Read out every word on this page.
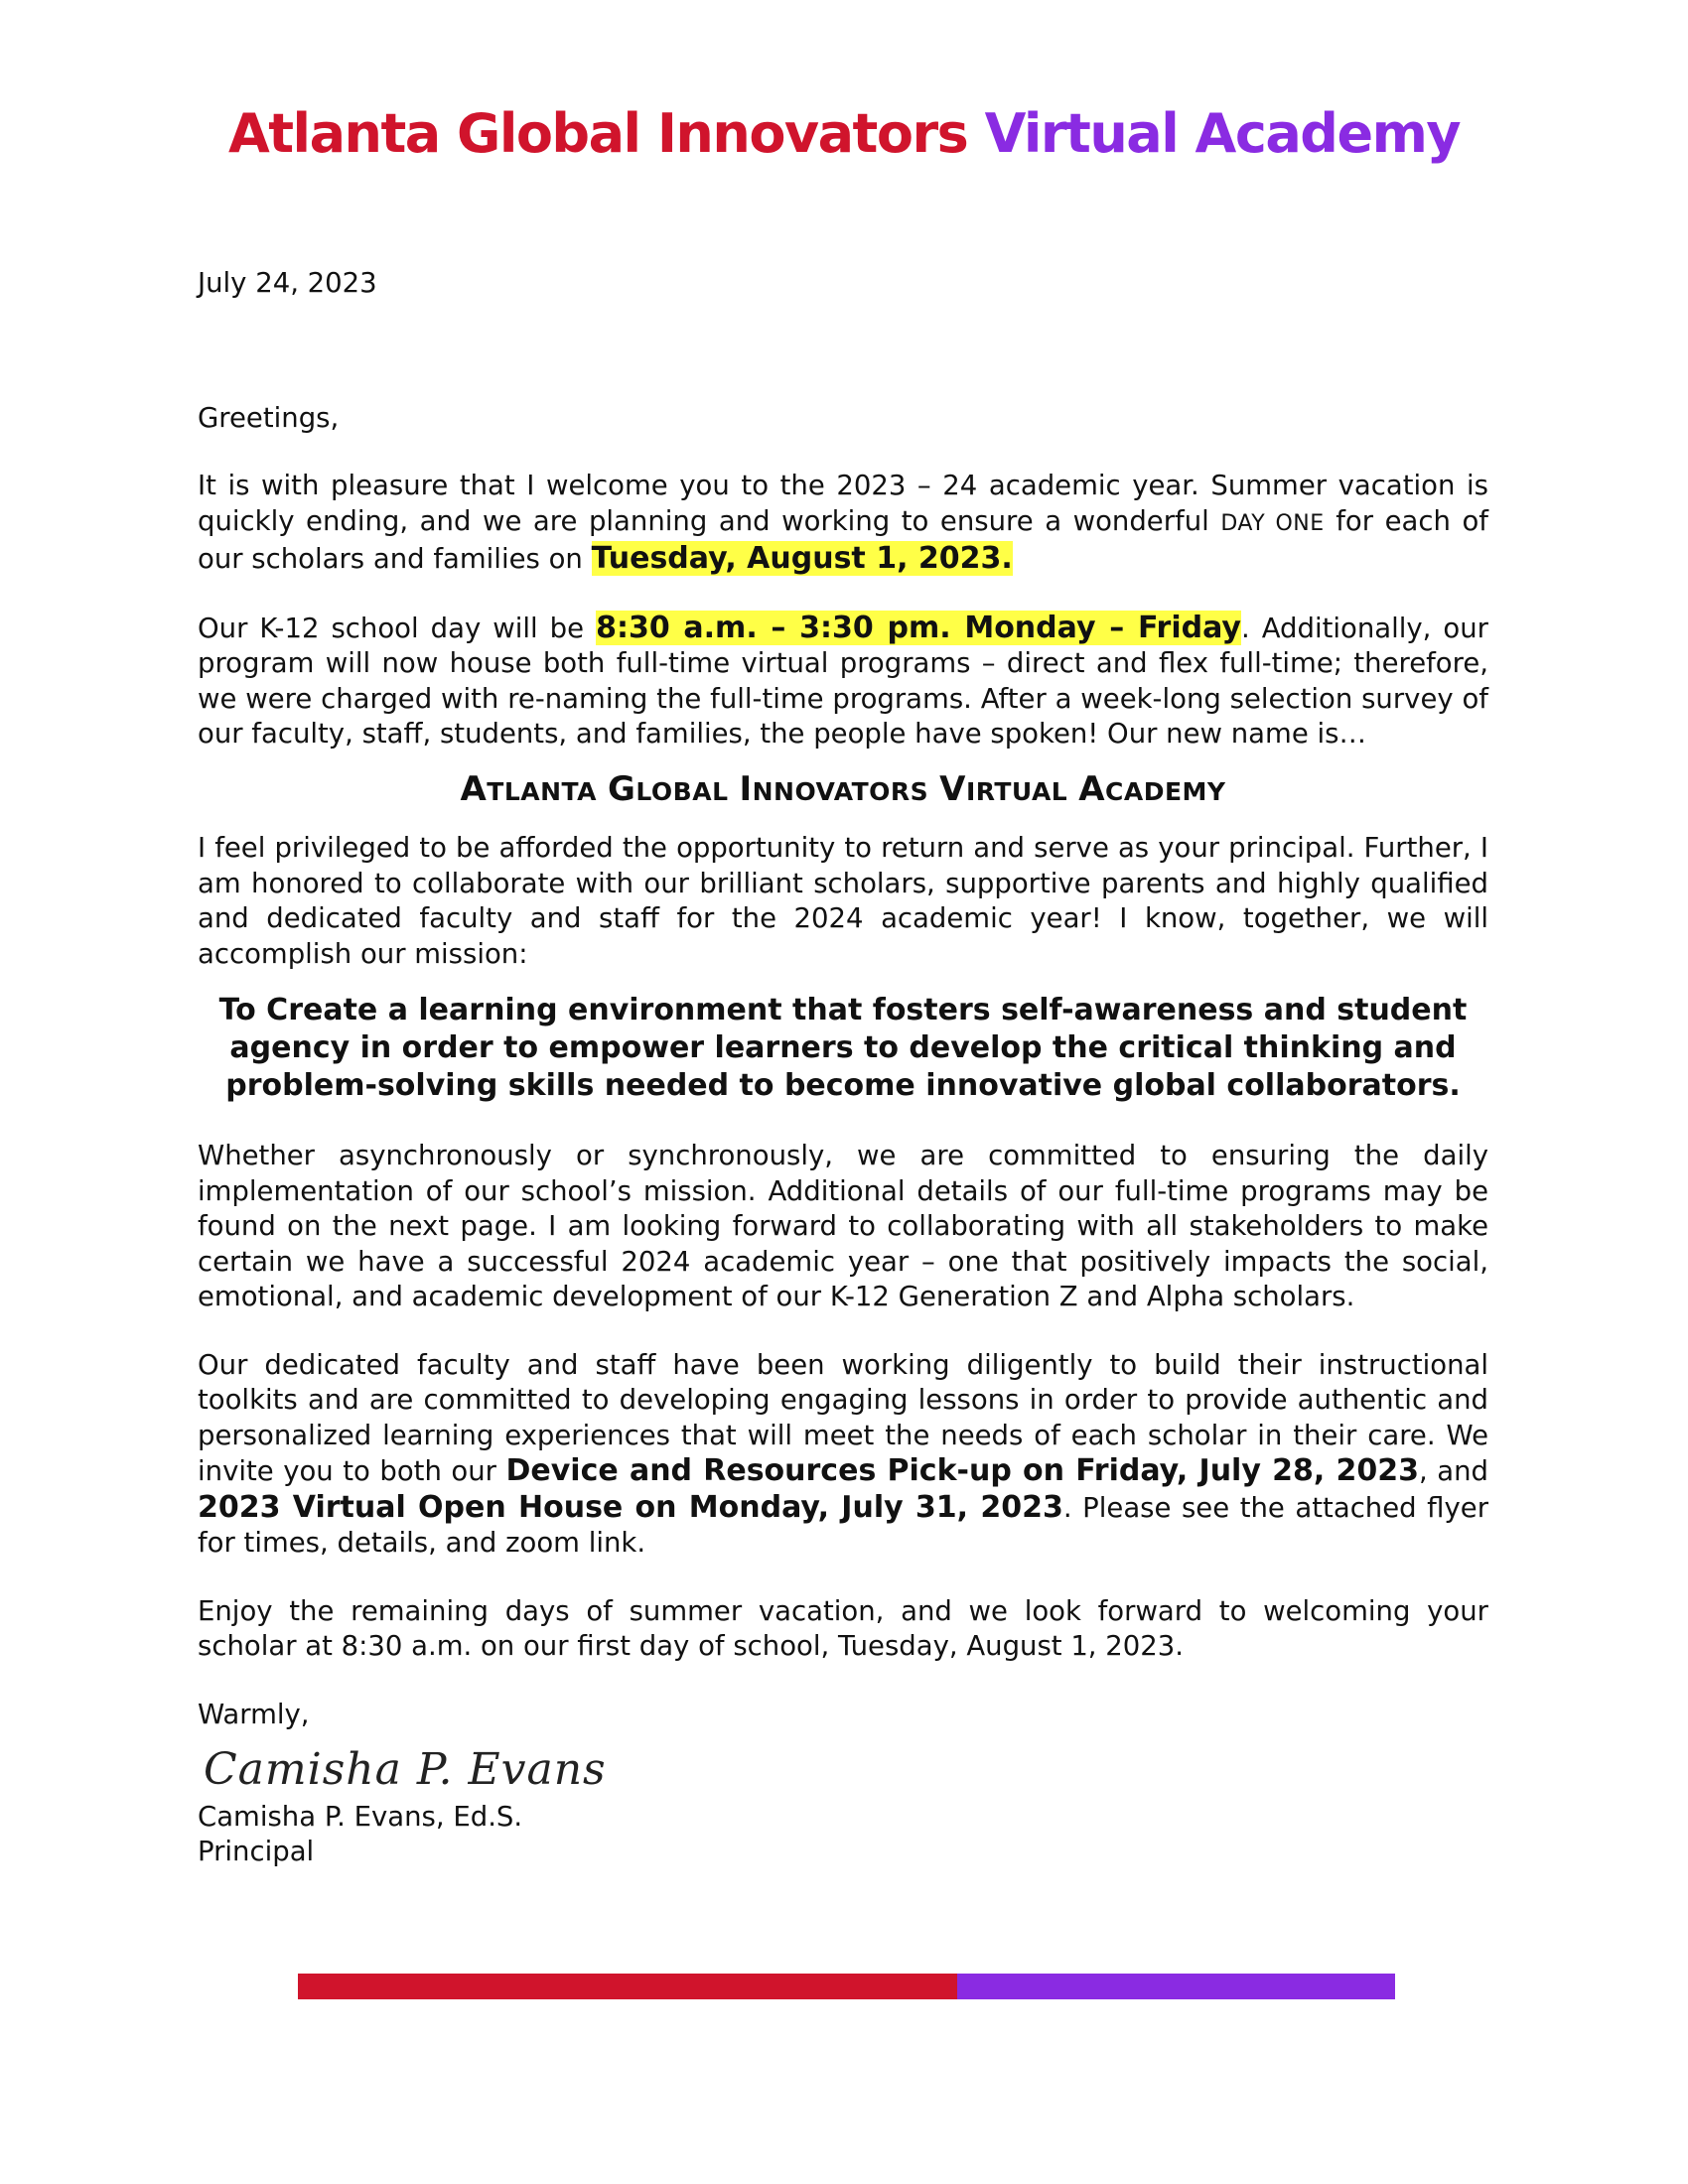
Atlanta Global Innovators Virtual Academy

July 24, 2023

Greetings,

It is with pleasure that I welcome you to the 2023 – 24 academic year. Summer vacation is quickly ending, and we are planning and working to ensure a wonderful DAY ONE for each of our scholars and families on Tuesday, August 1, 2023.

Our K-12 school day will be 8:30 a.m. – 3:30 pm. Monday – Friday. Additionally, our program will now house both full-time virtual programs – direct and flex full-time; therefore, we were charged with re-naming the full-time programs. After a week-long selection survey of our faculty, staff, students, and families, the people have spoken! Our new name is…

ATLANTA GLOBAL INNOVATORS VIRTUAL ACADEMY

I feel privileged to be afforded the opportunity to return and serve as your principal. Further, I am honored to collaborate with our brilliant scholars, supportive parents and highly qualified and dedicated faculty and staff for the 2024 academic year! I know, together, we will accomplish our mission:

To Create a learning environment that fosters self-awareness and student agency in order to empower learners to develop the critical thinking and problem-solving skills needed to become innovative global collaborators.

Whether asynchronously or synchronously, we are committed to ensuring the daily implementation of our school’s mission. Additional details of our full-time programs may be found on the next page. I am looking forward to collaborating with all stakeholders to make certain we have a successful 2024 academic year – one that positively impacts the social, emotional, and academic development of our K-12 Generation Z and Alpha scholars.

Our dedicated faculty and staff have been working diligently to build their instructional toolkits and are committed to developing engaging lessons in order to provide authentic and personalized learning experiences that will meet the needs of each scholar in their care. We invite you to both our Device and Resources Pick-up on Friday, July 28, 2023, and 2023 Virtual Open House on Monday, July 31, 2023. Please see the attached flyer for times, details, and zoom link.

Enjoy the remaining days of summer vacation, and we look forward to welcoming your scholar at 8:30 a.m. on our first day of school, Tuesday, August 1, 2023.

Warmly,

Camisha P. Evans

Camisha P. Evans, Ed.S.

Principal
